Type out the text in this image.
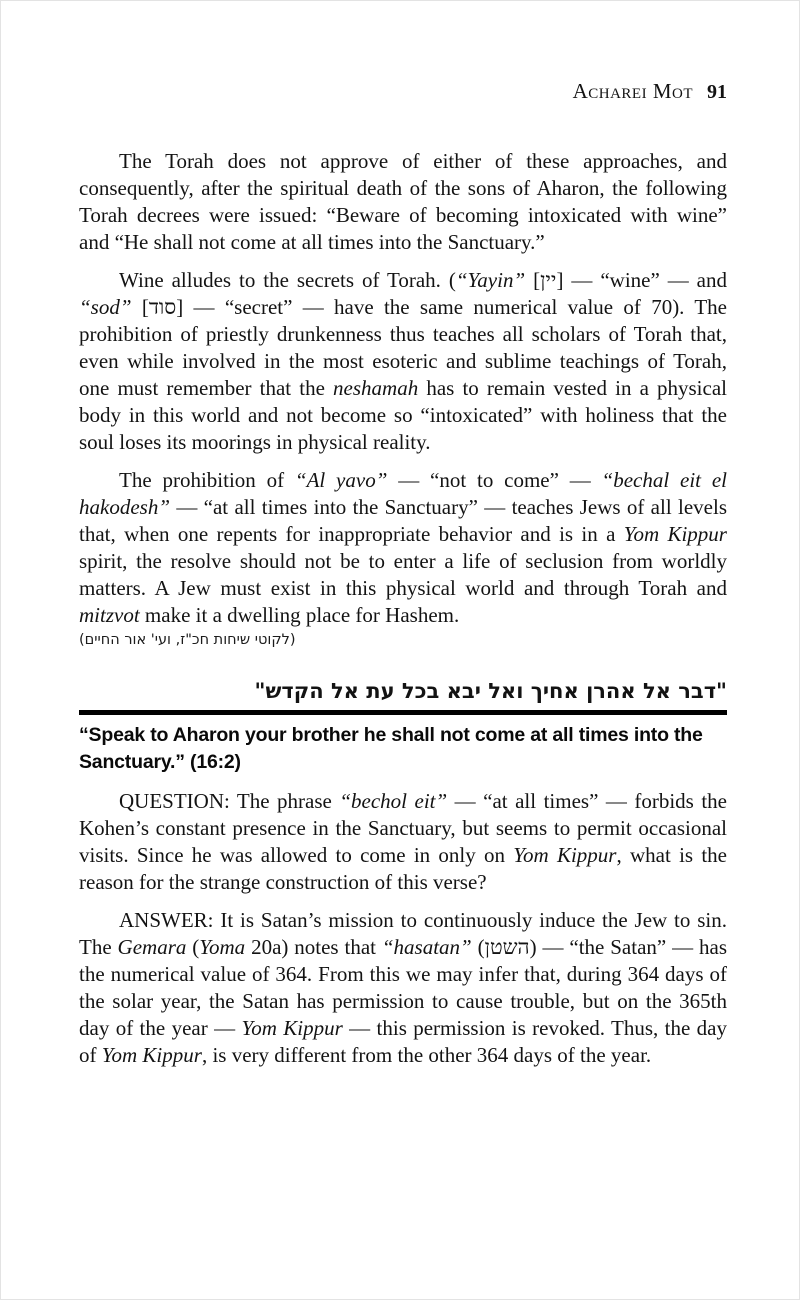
Acharei Mot 91

The Torah does not approve of either of these approaches, and consequently, after the spiritual death of the sons of Aharon, the following Torah decrees were issued: “Beware of becoming intoxicated with wine” and “He shall not come at all times into the Sanctuary.”

Wine alludes to the secrets of Torah. (“Yayin” [יין] — “wine” — and “sod” [סוד] — “secret” — have the same numerical value of 70). The prohibition of priestly drunkenness thus teaches all scholars of Torah that, even while involved in the most esoteric and sublime teachings of Torah, one must remember that the neshamah has to remain vested in a physical body in this world and not become so “intoxicated” with holiness that the soul loses its moorings in physical reality.

The prohibition of “Al yavo” — “not to come” — “bechal eit el hakodesh” — “at all times into the Sanctuary” — teaches Jews of all levels that, when one repents for inappropriate behavior and is in a Yom Kippur spirit, the resolve should not be to enter a life of seclusion from worldly matters. A Jew must exist in this physical world and through Torah and mitzvot make it a dwelling place for Hashem.

(לקוטי שיחות חכ"ז, ועי' אור החיים)
"דבר אל אהרן אחיך ואל יבא בכל עת אל הקדש"
“Speak to Aharon your brother he shall not come at all times into the Sanctuary.” (16:2)

QUESTION: The phrase “bechol eit” — “at all times” — forbids the Kohen’s constant presence in the Sanctuary, but seems to permit occasional visits. Since he was allowed to come in only on Yom Kippur, what is the reason for the strange construction of this verse?

ANSWER: It is Satan’s mission to continuously induce the Jew to sin. The Gemara (Yoma 20a) notes that “hasatan” (השטן) — “the Satan” — has the numerical value of 364. From this we may infer that, during 364 days of the solar year, the Satan has permission to cause trouble, but on the 365th day of the year — Yom Kippur — this permission is revoked. Thus, the day of Yom Kippur, is very different from the other 364 days of the year.
